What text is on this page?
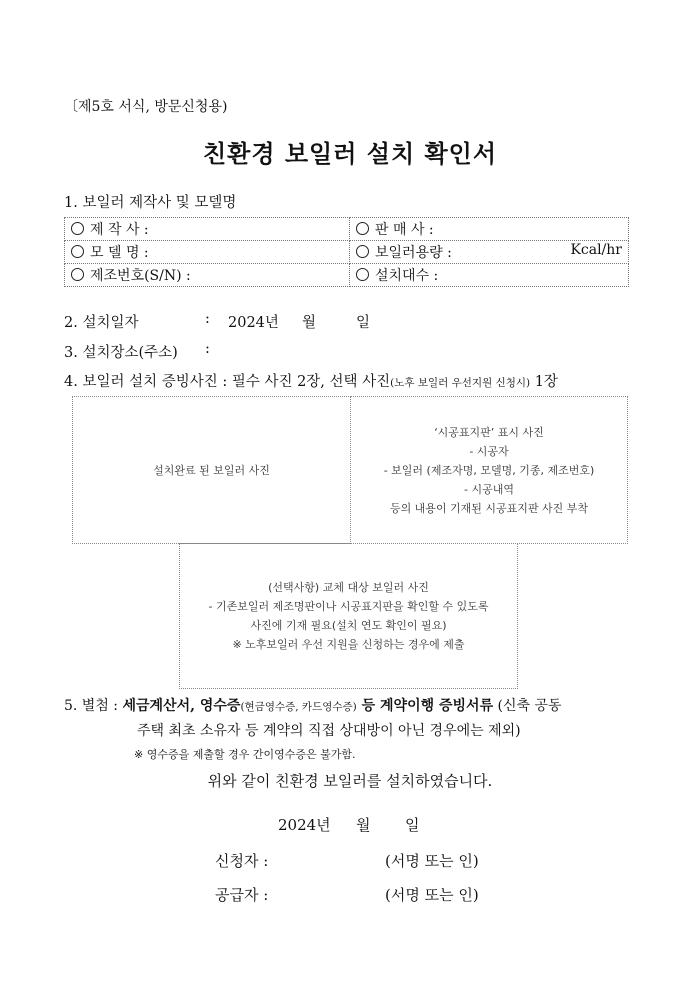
〔제5호 서식, 방문신청용)
친환경 보일러 설치 확인서
1. 보일러 제작사 및 모델명
제 작 사 :	판 매 사 :
모 델 명 :	보일러용량 : Kcal/hr

제조번호(S/N) :	설치대수 :
2. 설치일자	: 2024년 월	일
3. 설치장소(주소) :
4. 보일러 설치 증빙사진 : 필수 사진 2장, 선택 사진(노후 보일러 우선지원 신청시) 1장
설치완료 된 보일러 사진
‘시공표지판’ 표시 사진
- 시공자
- 보일러 (제조자명, 모델명, 기종, 제조번호)
- 시공내역
등의 내용이 기재된 시공표지판 사진 부착
(선택사항) 교체 대상 보일러 사진
- 기존보일러 제조명판이나 시공표지판을 확인할 수 있도록
사진에 기재 필요(설치 연도 확인이 필요)
※ 노후보일러 우선 지원을 신청하는 경우에 제출
5. 별첨 : 세금계산서, 영수증(현금영수증, 카드영수증) 등 계약이행 증빙서류 (신축 공동
주택 최초 소유자 등 계약의 직접 상대방이 아닌 경우에는 제외)
※ 영수증을 제출할 경우 간이영수증은 불가함.
위와 같이 친환경 보일러를 설치하였습니다.
2024년 월 일
신청자 :	(서명 또는 인)
공급자 :	(서명 또는 인)
